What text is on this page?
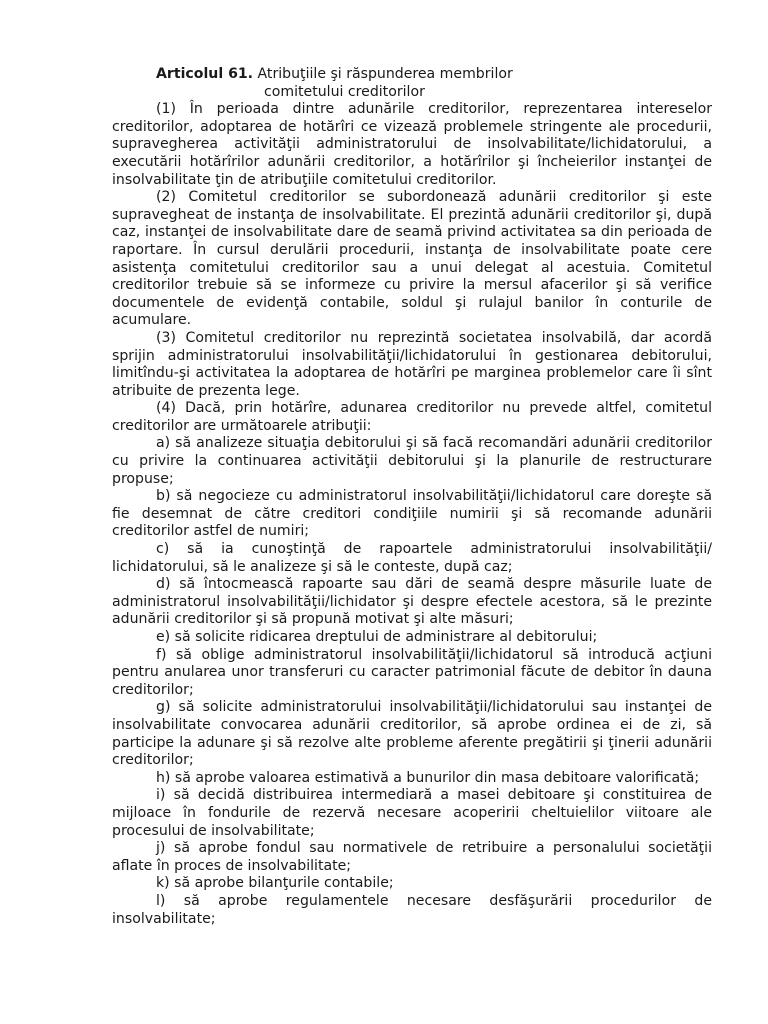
Articolul 61. Atribuţiile şi răspunderea membrilor

comitetului creditorilor

(1) În perioada dintre adunările creditorilor, reprezentarea intereselor creditorilor, adoptarea de hotărîri ce vizează problemele stringente ale procedurii, supravegherea activităţii administratorului de insolvabilitate/lichidatorului, a executării hotărîrilor adunării creditorilor, a hotărîrilor şi încheierilor instanţei de insolvabilitate ţin de atribuţiile comitetului creditorilor.

(2) Comitetul creditorilor se subordonează adunării creditorilor şi este supravegheat de instanţa de insolvabilitate. El prezintă adunării creditorilor şi, după caz, instanţei de insolvabilitate dare de seamă privind activitatea sa din perioada de raportare. În cursul derulării procedurii, instanţa de insolvabilitate poate cere asistenţa comitetului creditorilor sau a unui delegat al acestuia. Comitetul creditorilor trebuie să se informeze cu privire la mersul afacerilor şi să verifice documentele de evidenţă contabile, soldul şi rulajul banilor în conturile de acumulare.

(3) Comitetul creditorilor nu reprezintă societatea insolvabilă, dar acordă sprijin administratorului insolvabilităţii/lichidatorului în gestionarea debitorului, limitîndu-şi activitatea la adoptarea de hotărîri pe marginea problemelor care îi sînt atribuite de prezenta lege.

(4) Dacă, prin hotărîre, adunarea creditorilor nu prevede altfel, comitetul creditorilor are următoarele atribuţii:

a) să analizeze situaţia debitorului şi să facă recomandări adunării creditorilor cu privire la continuarea activităţii debitorului şi la planurile de restructurare propuse;

b) să negocieze cu administratorul insolvabilităţii/lichidatorul care doreşte să fie desemnat de către creditori condiţiile numirii şi să recomande adunării creditorilor astfel de numiri;

c) să ia cunoştinţă de rapoartele administratorului insolvabilităţii/ lichidatorului, să le analizeze şi să le conteste, după caz;

d) să întocmească rapoarte sau dări de seamă despre măsurile luate de administratorul insolvabilităţii/lichidator şi despre efectele acestora, să le prezinte adunării creditorilor şi să propună motivat şi alte măsuri;

e) să solicite ridicarea dreptului de administrare al debitorului;

f) să oblige administratorul insolvabilităţii/lichidatorul să introducă acţiuni pentru anularea unor transferuri cu caracter patrimonial făcute de debitor în dauna creditorilor;

g) să solicite administratorului insolvabilităţii/lichidatorului sau instanţei de insolvabilitate convocarea adunării creditorilor, să aprobe ordinea ei de zi, să participe la adunare şi să rezolve alte probleme aferente pregătirii şi ţinerii adunării creditorilor;

h) să aprobe valoarea estimativă a bunurilor din masa debitoare valorificată;

i) să decidă distribuirea intermediară a masei debitoare şi constituirea de mijloace în fondurile de rezervă necesare acoperirii cheltuielilor viitoare ale procesului de insolvabilitate;

j) să aprobe fondul sau normativele de retribuire a personalului societăţii aflate în proces de insolvabilitate;

k) să aprobe bilanţurile contabile;

l) să aprobe regulamentele necesare desfăşurării procedurilor de insolvabilitate;
